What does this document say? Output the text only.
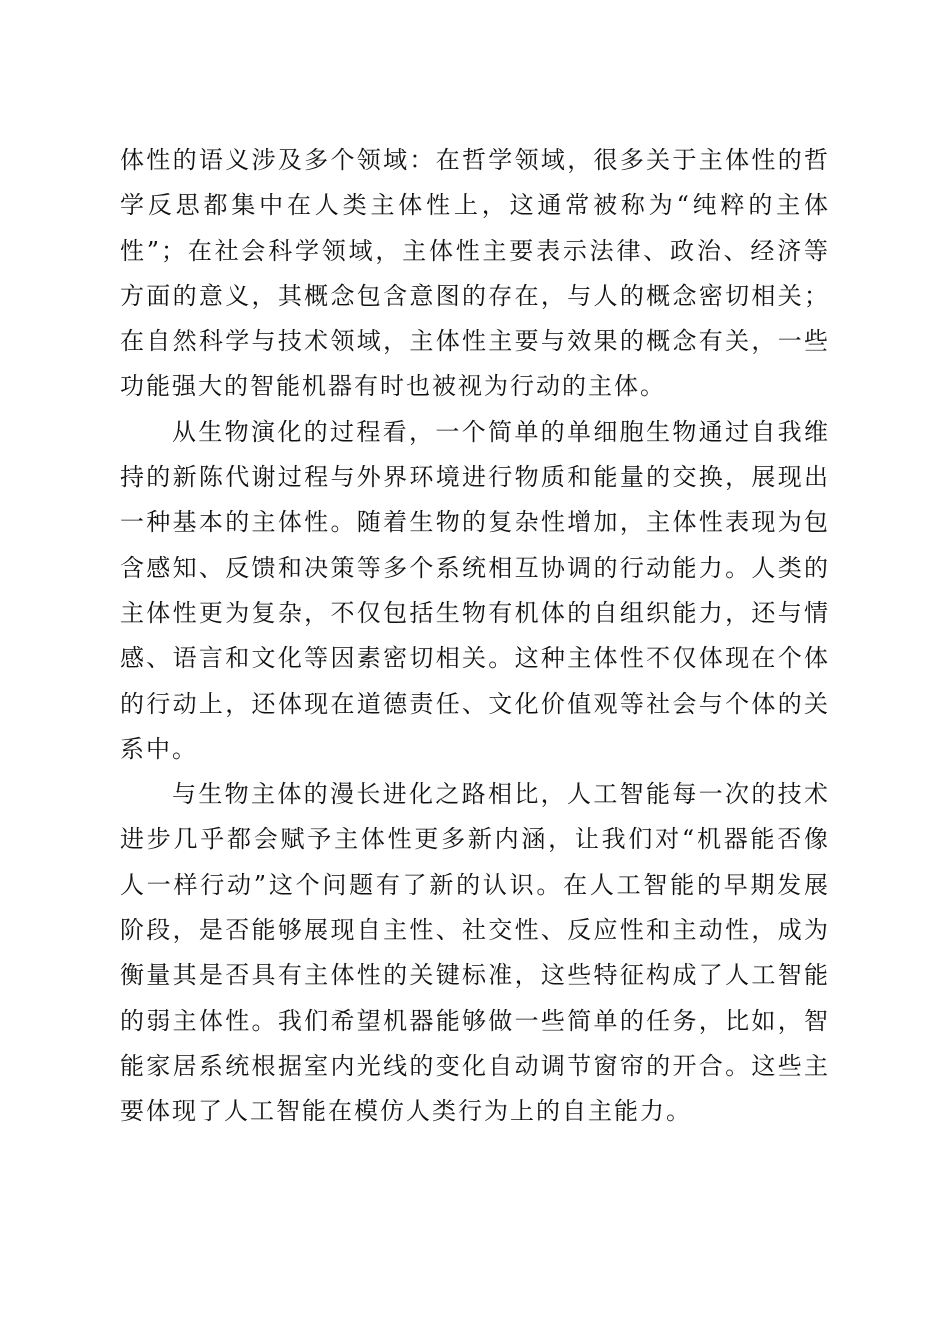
体性的语义涉及多个领域：在哲学领域，很多关于主体性的哲学反思都集中在人类主体性上，这通常被称为“纯粹的主体性”；在社会科学领域，主体性主要表示法律、政治、经济等方面的意义，其概念包含意图的存在，与人的概念密切相关；在自然科学与技术领域，主体性主要与效果的概念有关，一些功能强大的智能机器有时也被视为行动的主体。

从生物演化的过程看，一个简单的单细胞生物通过自我维持的新陈代谢过程与外界环境进行物质和能量的交换，展现出一种基本的主体性。随着生物的复杂性增加，主体性表现为包含感知、反馈和决策等多个系统相互协调的行动能力。人类的主体性更为复杂，不仅包括生物有机体的自组织能力，还与情感、语言和文化等因素密切相关。这种主体性不仅体现在个体的行动上，还体现在道德责任、文化价值观等社会与个体的关系中。

与生物主体的漫长进化之路相比，人工智能每一次的技术进步几乎都会赋予主体性更多新内涵，让我们对“机器能否像人一样行动”这个问题有了新的认识。在人工智能的早期发展阶段，是否能够展现自主性、社交性、反应性和主动性，成为衡量其是否具有主体性的关键标准，这些特征构成了人工智能的弱主体性。我们希望机器能够做一些简单的任务，比如，智能家居系统根据室内光线的变化自动调节窗帘的开合。这些主要体现了人工智能在模仿人类行为上的自主能力。
